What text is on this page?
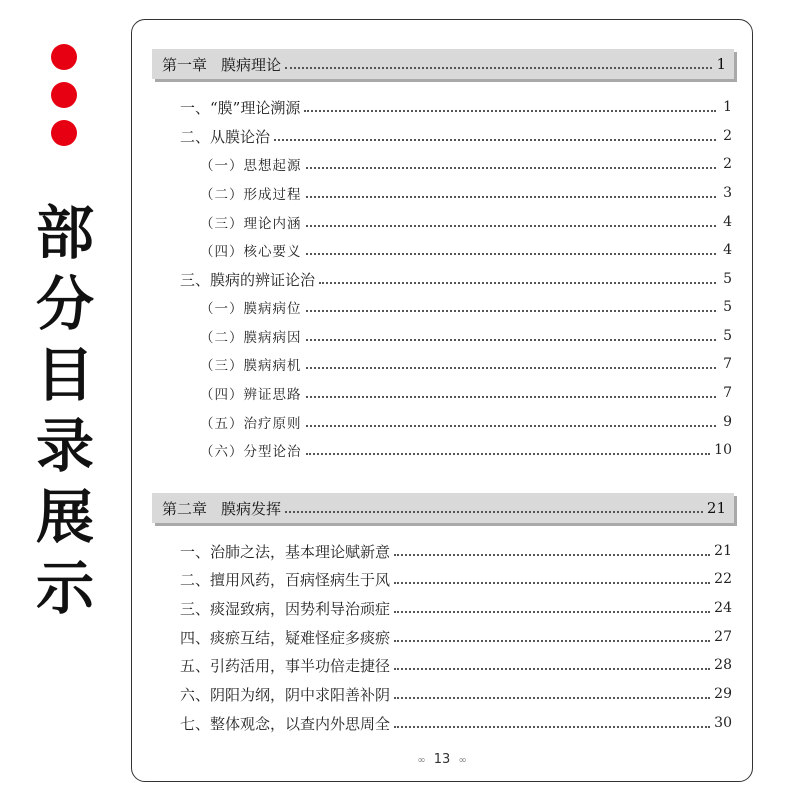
部
分
目
录
展
示
第一章 膜病理论	1
一、“膜”理论溯源	1
二、从膜论治	2
（一）思想起源	2
（二）形成过程	3
（三）理论内涵	4
（四）核心要义	4
三、膜病的辨证论治	5
（一）膜病病位	5
（二）膜病病因	5
（三）膜病病机	7
（四）辨证思路	7
（五）治疗原则	9
（六）分型论治	10
第二章 膜病发挥	21
一、治肺之法，基本理论赋新意	21
二、擅用风药，百病怪病生于风	22
三、痰湿致病，因势利导治顽症	24
四、痰瘀互结，疑难怪症多痰瘀	27
五、引药活用，事半功倍走捷径	28
六、阴阳为纲，阴中求阳善补阴	29
七、整体观念，以查内外思周全	30
∞ 13 ∞
